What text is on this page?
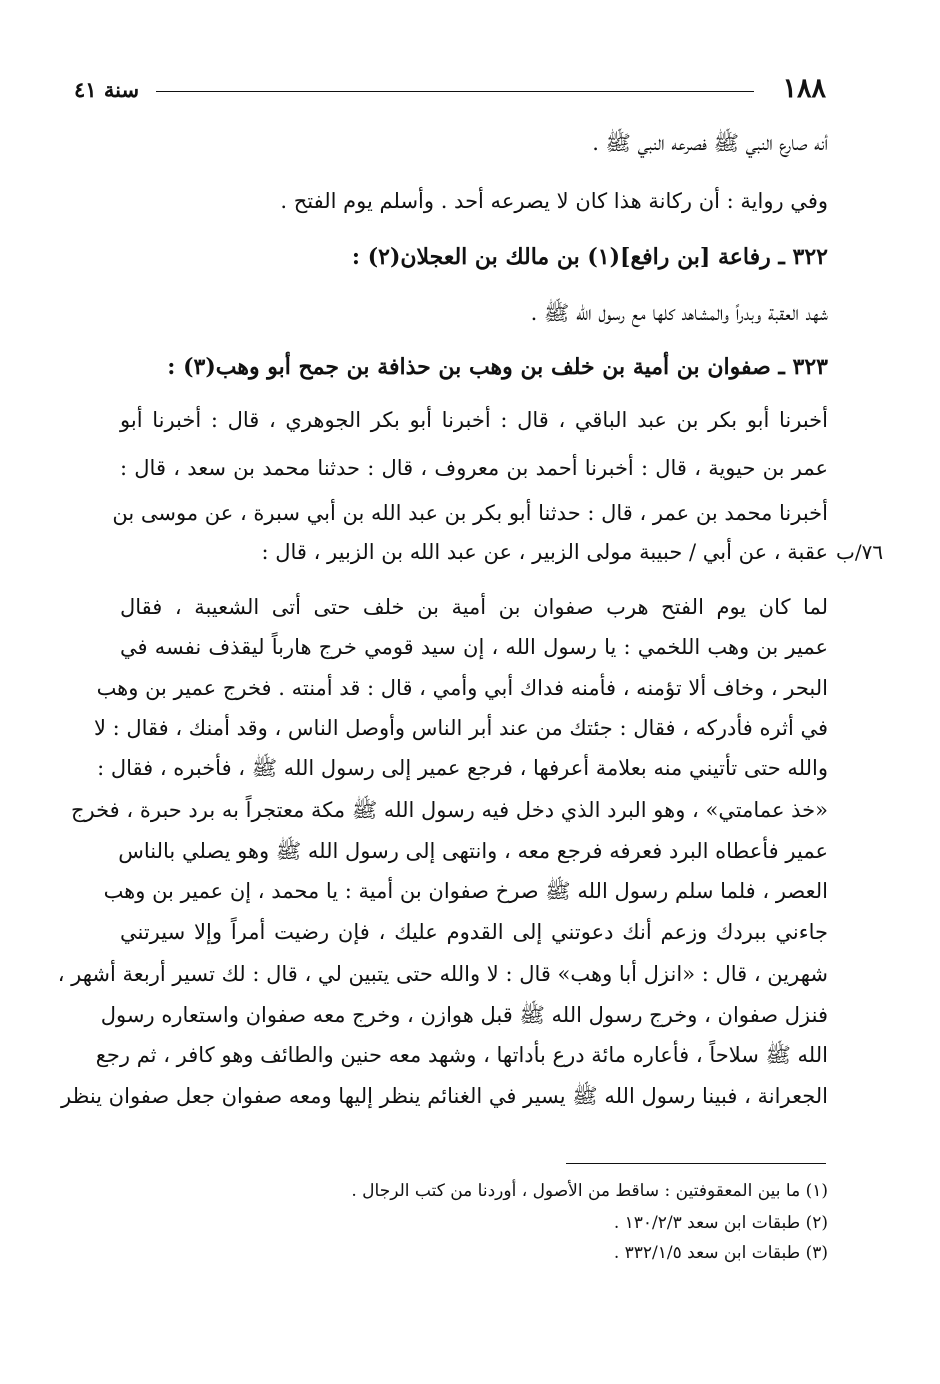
١٨٨
سنة ٤١
أنه صارع النبي ﷺ فصرعه النبي ﷺ .
وفي رواية : أن ركانة هذا كان لا يصرعه أحد . وأسلم يوم الفتح .
٣٢٢ ـ رفاعة [بن رافع](١) بن مالك بن العجلان(٢) :
شهد العقبة وبدراً والمشاهد كلها مع رسول الله ﷺ .
٣٢٣ ـ صفوان بن أمية بن خلف بن وهب بن حذافة بن جمح أبو وهب(٣) :
أخبرنا أبو بكر بن عبد الباقي ، قال : أخبرنا أبو بكر الجوهري ، قال : أخبرنا أبو
عمر بن حيوية ، قال : أخبرنا أحمد بن معروف ، قال : حدثنا محمد بن سعد ، قال :
أخبرنا محمد بن عمر ، قال : حدثنا أبو بكر بن عبد الله بن أبي سبرة ، عن موسى بن
عقبة ، عن أبي / حبيبة مولى الزبير ، عن عبد الله بن الزبير ، قال : ٧٦/ب
لما كان يوم الفتح هرب صفوان بن أمية بن خلف حتى أتى الشعيبة ، فقال
عمير بن وهب اللخمي : يا رسول الله ، إن سيد قومي خرج هارباً ليقذف نفسه في
البحر ، وخاف ألا تؤمنه ، فأمنه فداك أبي وأمي ، قال : قد أمنته . فخرج عمير بن وهب
في أثره فأدركه ، فقال : جئتك من عند أبر الناس وأوصل الناس ، وقد أمنك ، فقال : لا
والله حتى تأتيني منه بعلامة أعرفها ، فرجع عمير إلى رسول الله ﷺ ، فأخبره ، فقال :
«خذ عمامتي» ، وهو البرد الذي دخل فيه رسول الله ﷺ مكة معتجراً به برد حبرة ، فخرج
عمير فأعطاه البرد فعرفه فرجع معه ، وانتهى إلى رسول الله ﷺ وهو يصلي بالناس
العصر ، فلما سلم رسول الله ﷺ صرخ صفوان بن أمية : يا محمد ، إن عمير بن وهب
جاءني ببردك وزعم أنك دعوتني إلى القدوم عليك ، فإن رضيت أمراً وإلا سيرتني
شهرين ، قال : «انزل أبا وهب» قال : لا والله حتى يتبين لي ، قال : لك تسير أربعة أشهر ،
فنزل صفوان ، وخرج رسول الله ﷺ قبل هوازن ، وخرج معه صفوان واستعاره رسول
الله ﷺ سلاحاً ، فأعاره مائة درع بأداتها ، وشهد معه حنين والطائف وهو كافر ، ثم رجع
الجعرانة ، فبينا رسول الله ﷺ يسير في الغنائم ينظر إليها ومعه صفوان جعل صفوان ينظر
(١) ما بين المعقوفتين : ساقط من الأصول ، أوردنا من كتب الرجال .
(٢) طبقات ابن سعد ١٣٠/٢/٣ .
(٣) طبقات ابن سعد ٣٣٢/١/٥ .
